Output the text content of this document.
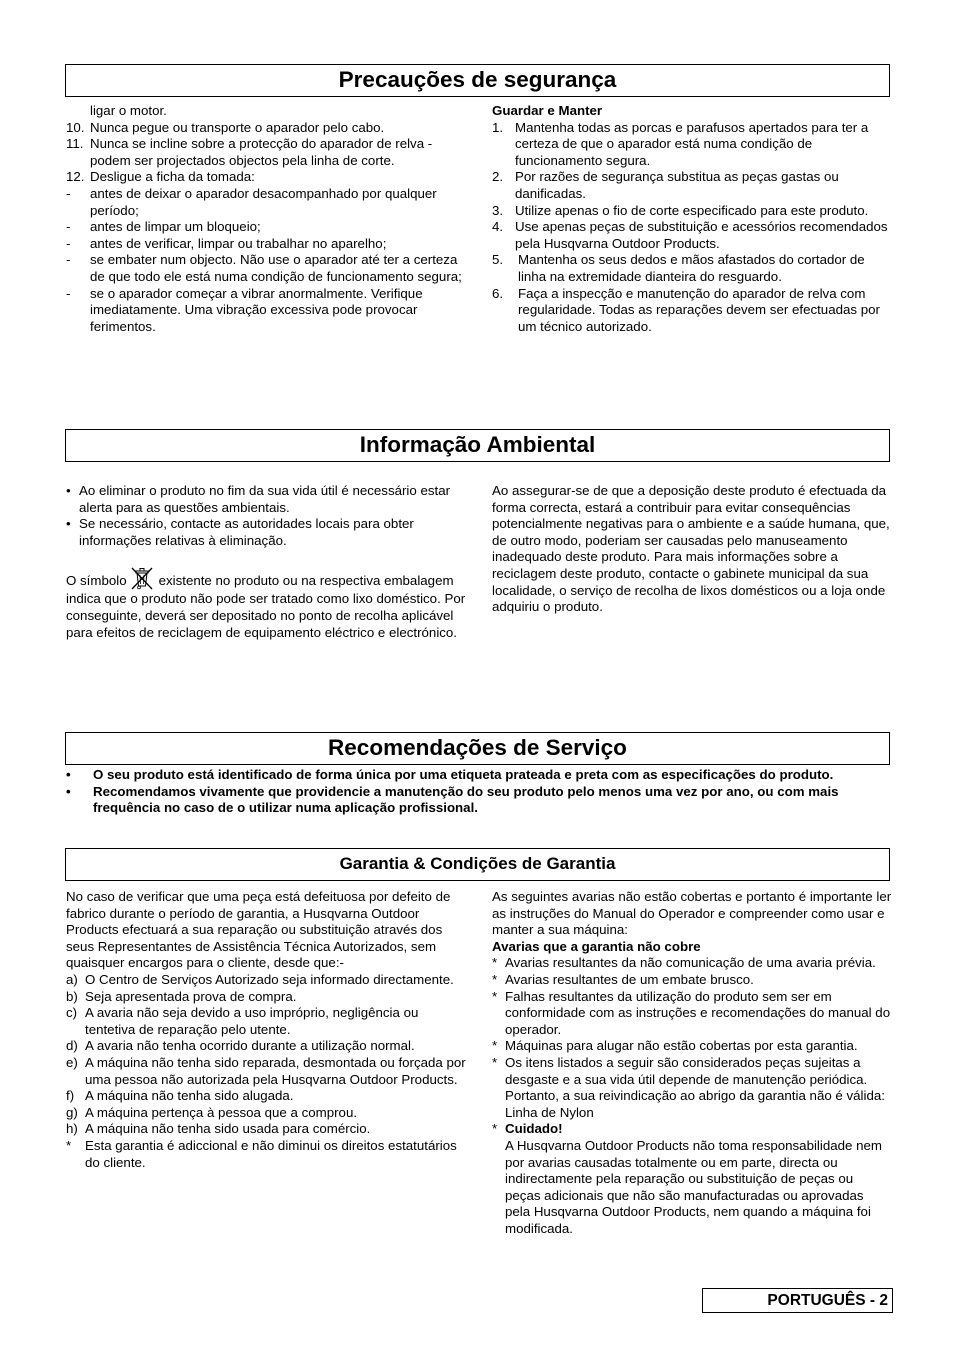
Precauções de segurança

ligar o motor.

10. Nunca pegue ou transporte o aparador pelo cabo.
11. Nunca se incline sobre a protecção do aparador de relva - podem ser projectados objectos pela linha de corte.
12. Desligue a ficha da tomada:
-	antes de deixar o aparador desacompanhado por qualquer período;
-	antes de limpar um bloqueio;
-	antes de verificar, limpar ou trabalhar no aparelho;
-	se embater num objecto. Não use o aparador até ter a certeza de que todo ele está numa condição de funcionamento segura;
-	se o aparador começar a vibrar anormalmente. Verifique imediatamente. Uma vibração excessiva pode provocar ferimentos.

Guardar e Manter

1. Mantenha todas as porcas e parafusos apertados para ter a certeza de que o aparador está numa condição de funcionamento segura.
2. Por razões de segurança substitua as peças gastas ou danificadas.
3. Utilize apenas o fio de corte especificado para este produto.
4. Use apenas peças de substituição e acessórios recomendados pela Husqvarna Outdoor Products.
5.	Mantenha os seus dedos e mãos afastados do cortador de linha na extremidade dianteira do resguardo.
6.	Faça a inspecção e manutenção do aparador de relva com regularidade. Todas as reparações devem ser efectuadas por um técnico autorizado.
Informação Ambiental
• Ao eliminar o produto no fim da sua vida útil é necessário estar alerta para as questões ambientais.
• Se necessário, contacte as autoridades locais para obter informações relativas à eliminação.

O símbolo existente no produto ou na respectiva embalagem indica que o produto não pode ser tratado como lixo doméstico. Por conseguinte, deverá ser depositado no ponto de recolha aplicável para efeitos de reciclagem de equipamento eléctrico e electrónico.

Ao assegurar-se de que a deposição deste produto é efectuada da forma correcta, estará a contribuir para evitar consequências potencialmente negativas para o ambiente e a saúde humana, que, de outro modo, poderiam ser causadas pelo manuseamento inadequado deste produto. Para mais informações sobre a reciclagem deste produto, contacte o gabinete municipal da sua localidade, o serviço de recolha de lixos domésticos ou a loja onde adquiriu o produto.

Recomendações de Serviço
•	O seu produto está identificado de forma única por uma etiqueta prateada e preta com as especificações do produto.
•	Recomendamos vivamente que providencie a manutenção do seu produto pelo menos uma vez por ano, ou com mais frequência no caso de o utilizar numa aplicação profissional.
Garantia & Condições de Garantia

No caso de verificar que uma peça está defeituosa por defeito de fabrico durante o período de garantia, a Husqvarna Outdoor Products efectuará a sua reparação ou substituição através dos seus Representantes de Assistência Técnica Autorizados, sem quaisquer encargos para o cliente, desde que:-

a) O Centro de Serviços Autorizado seja informado directamente.
b) Seja apresentada prova de compra.
c) A avaria não seja devido a uso impróprio, negligência ou tentetiva de reparação pelo utente.
d) A avaria não tenha ocorrido durante a utilização normal.
e) A máquina não tenha sido reparada, desmontada ou forçada por uma pessoa não autorizada pela Husqvarna Outdoor Products.
f) A máquina não tenha sido alugada.
g) A máquina pertença à pessoa que a comprou.
h) A máquina não tenha sido usada para comércio.
*	Esta garantia é adiccional e não diminui os direitos estatutários do cliente.

As seguintes avarias não estão cobertas e portanto é importante ler as instruções do Manual do Operador e compreender como usar e manter a sua máquina:

Avarias que a garantia não cobre

* Avarias resultantes da não comunicação de uma avaria prévia.
* Avarias resultantes de um embate brusco.
* Falhas resultantes da utilização do produto sem ser em conformidade com as instruções e recomendações do manual do operador.
* Máquinas para alugar não estão cobertas por esta garantia.
* Os itens listados a seguir são considerados peças sujeitas a desgaste e a sua vida útil depende de manutenção periódica. Portanto, a sua reivindicação ao abrigo da garantia não é válida: Linha de Nylon
* Cuidado!
A Husqvarna Outdoor Products não toma responsabilidade nem por avarias causadas totalmente ou em parte, directa ou indirectamente pela reparação ou substituição de peças ou peças adicionais que não são manufacturadas ou aprovadas pela Husqvarna Outdoor Products, nem quando a máquina foi modificada.
PORTUGUÊS - 2
